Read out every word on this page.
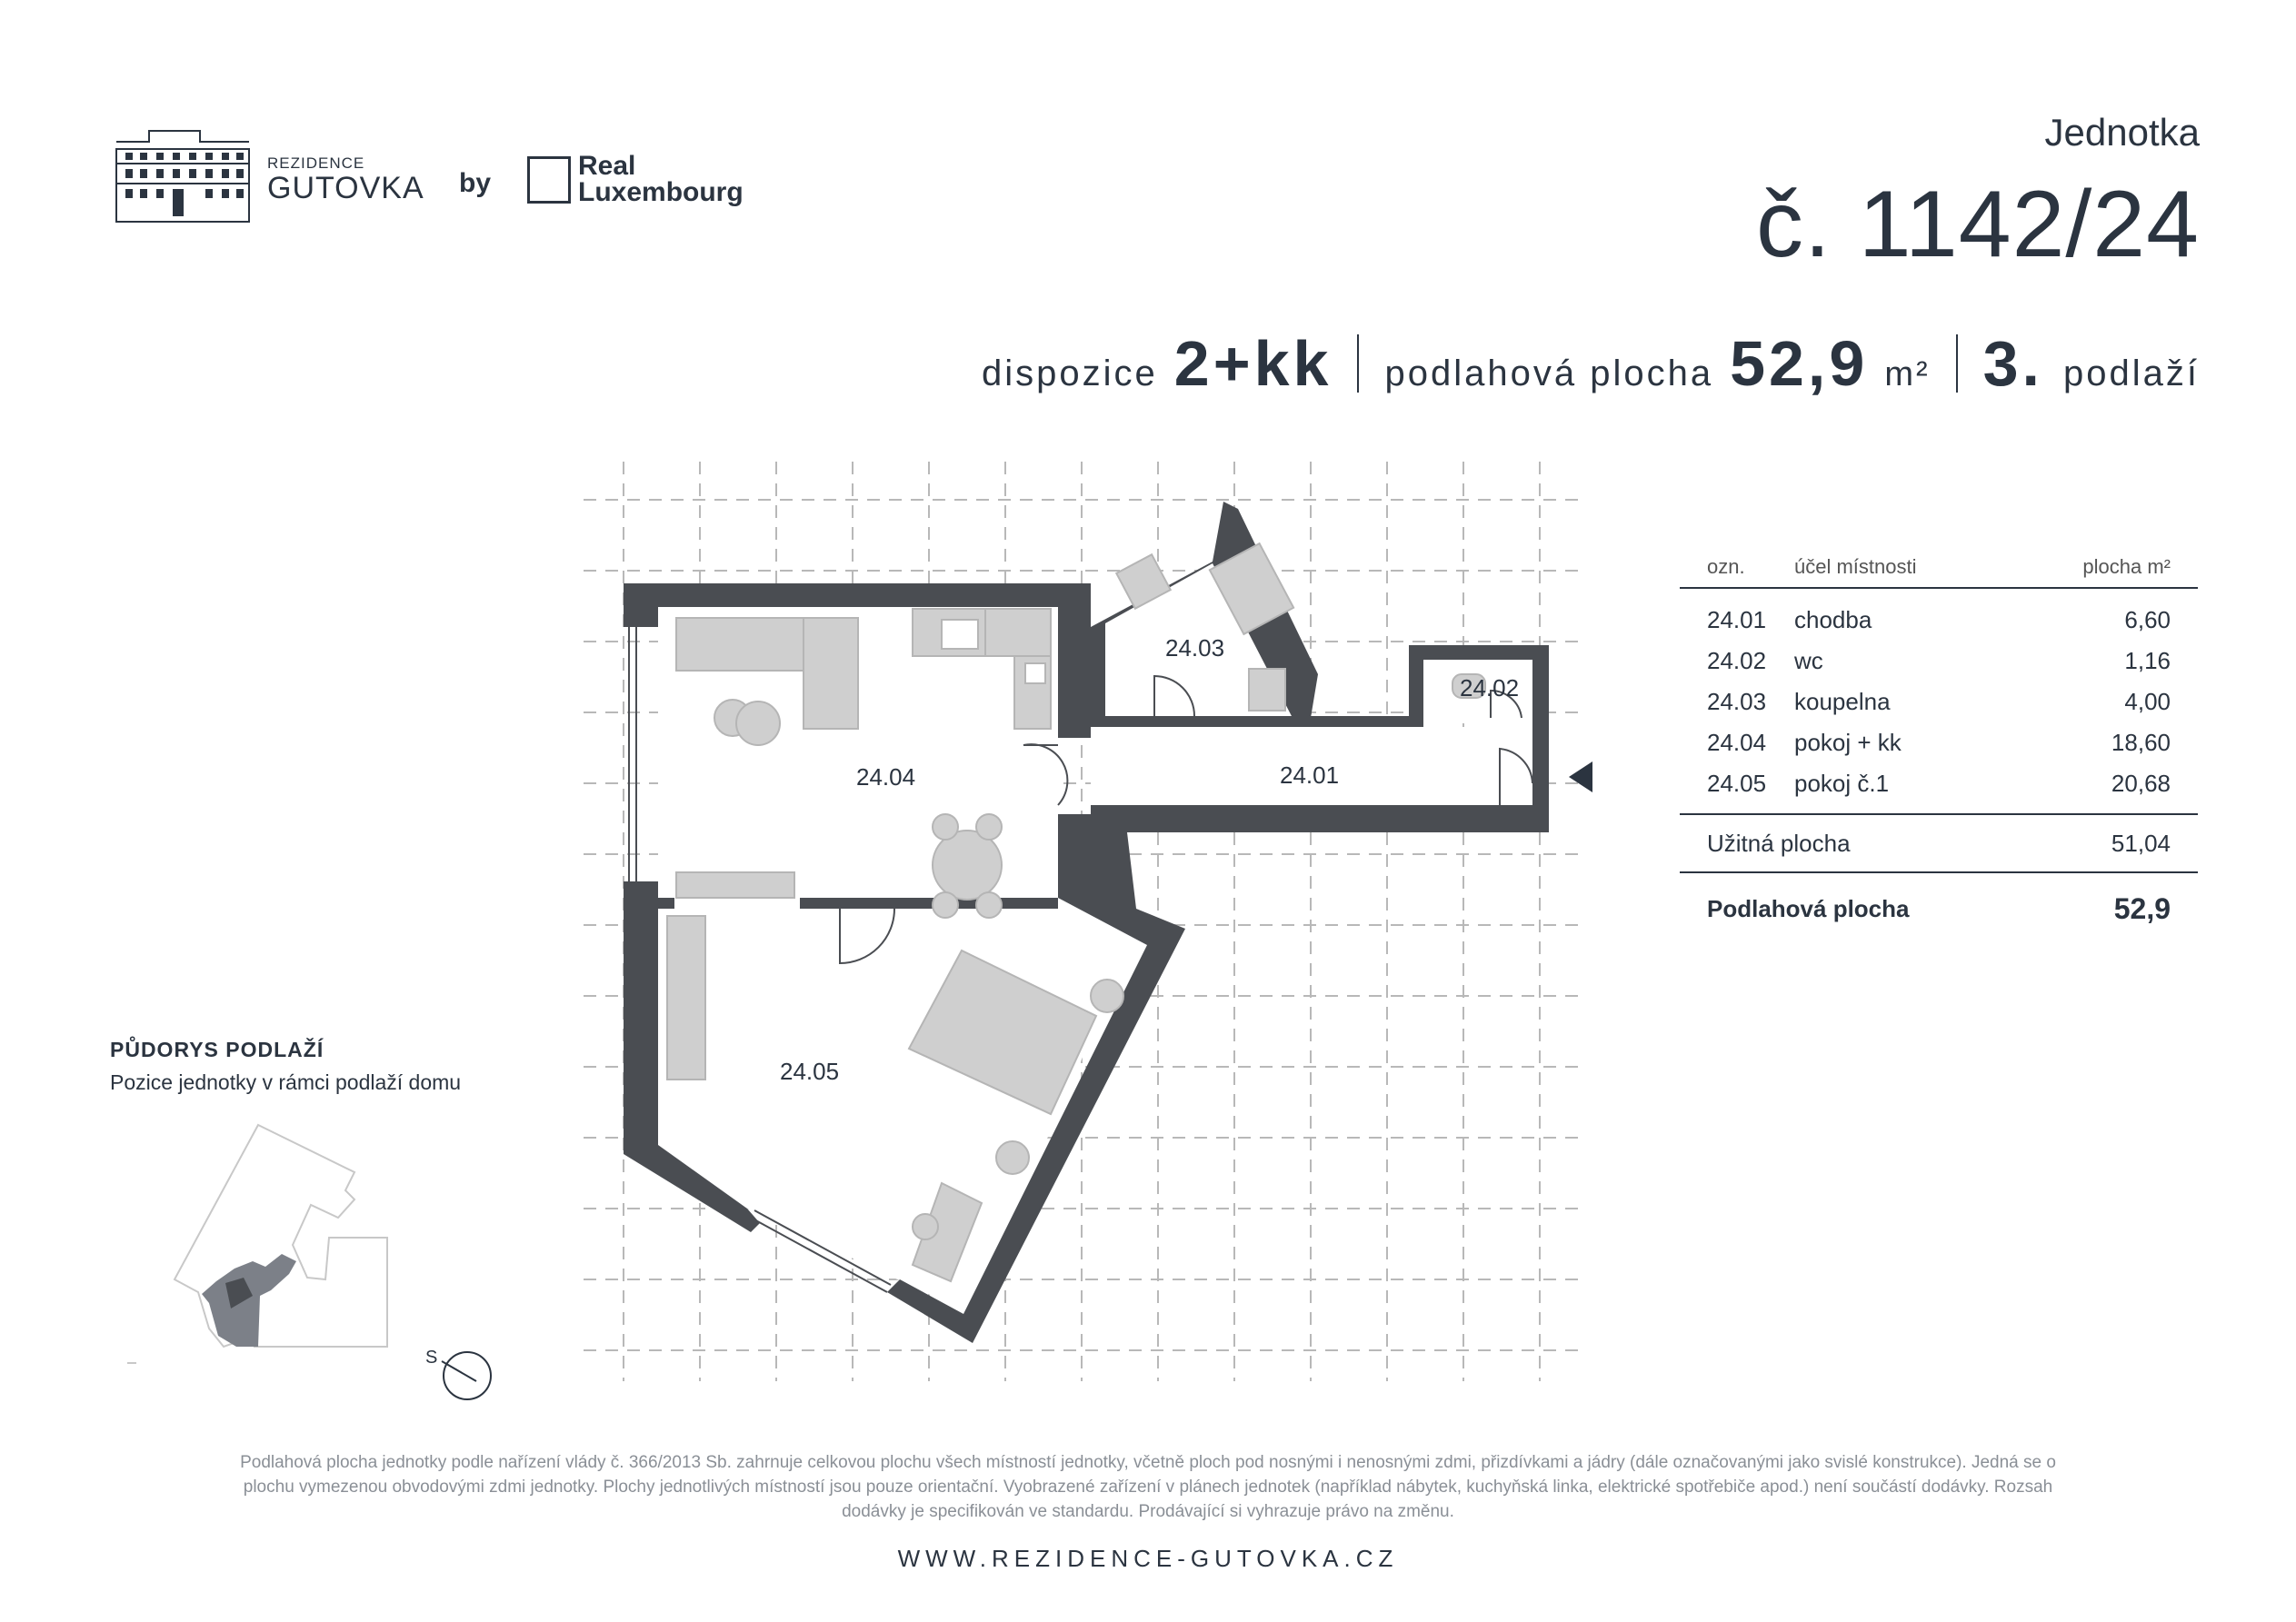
REZIDENCE
GUTOVKA by
Real
Luxembourg
Jednotka
č. 1142/24
dispozice 2+kk podlahová plocha 52,9 m² 3. podlaží
24.01
24.02
24.03
24.04
24.05
ozn.	účel místnosti	plocha m²
24.01	chodba	6,60
24.02	wc	1,16
24.03	koupelna	4,00
24.04	pokoj + kk	18,60
24.05	pokoj č.1	20,68
Užitná plocha	51,04
Podlahová plocha	52,9
PŮDORYS PODLAŽÍ
Pozice jednotky v rámci podlaží domu
S
Podlahová plocha jednotky podle nařízení vlády č. 366/2013 Sb. zahrnuje celkovou plochu všech místností jednotky, včetně ploch pod nosnými i nenosnými zdmi, přizdívkami a jádry (dále označovanými jako svislé konstrukce). Jedná se o
plochu vymezenou obvodovými zdmi jednotky. Plochy jednotlivých místností jsou pouze orientační. Vyobrazené zařízení v plánech jednotek (například nábytek, kuchyňská linka, elektrické spotřebiče apod.) není součástí dodávky. Rozsah
dodávky je specifikován ve standardu. Prodávající si vyhrazuje právo na změnu.
WWW.REZIDENCE-GUTOVKA.CZ
